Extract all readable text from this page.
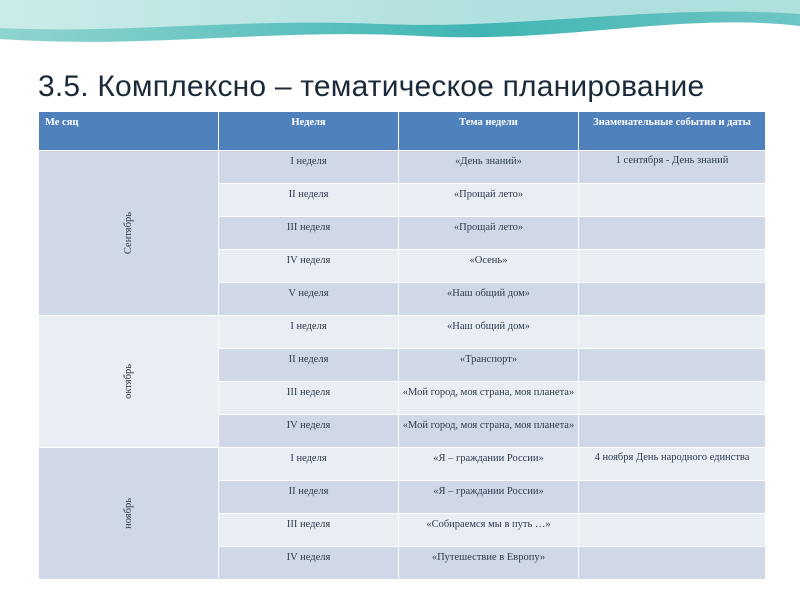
3.5. Комплексно – тематическое планирование
Ме сяц	Неделя	Тема недели	Знаменательные события и даты

Сентябрь	I неделя	«День знаний»	1 сентября - День знаний
	II неделя	«Прощай лето»	
	III неделя	«Прощай лето»	
	IV неделя	«Осень»	
	V неделя	«Наш общий дом»	

октябрь	I неделя	«Наш общий дом»	
	II неделя	«Транспорт»	
	III неделя	«Мой город, моя страна, моя планета»	
	IV неделя	«Мой город, моя страна, моя планета»	

ноябрь	I неделя	«Я – граждании России»	4 ноября День народного единства
	II неделя	«Я – граждании России»	
	III неделя	«Собираемся мы в путь …»	
	IV неделя	«Путешествие в Европу»	
